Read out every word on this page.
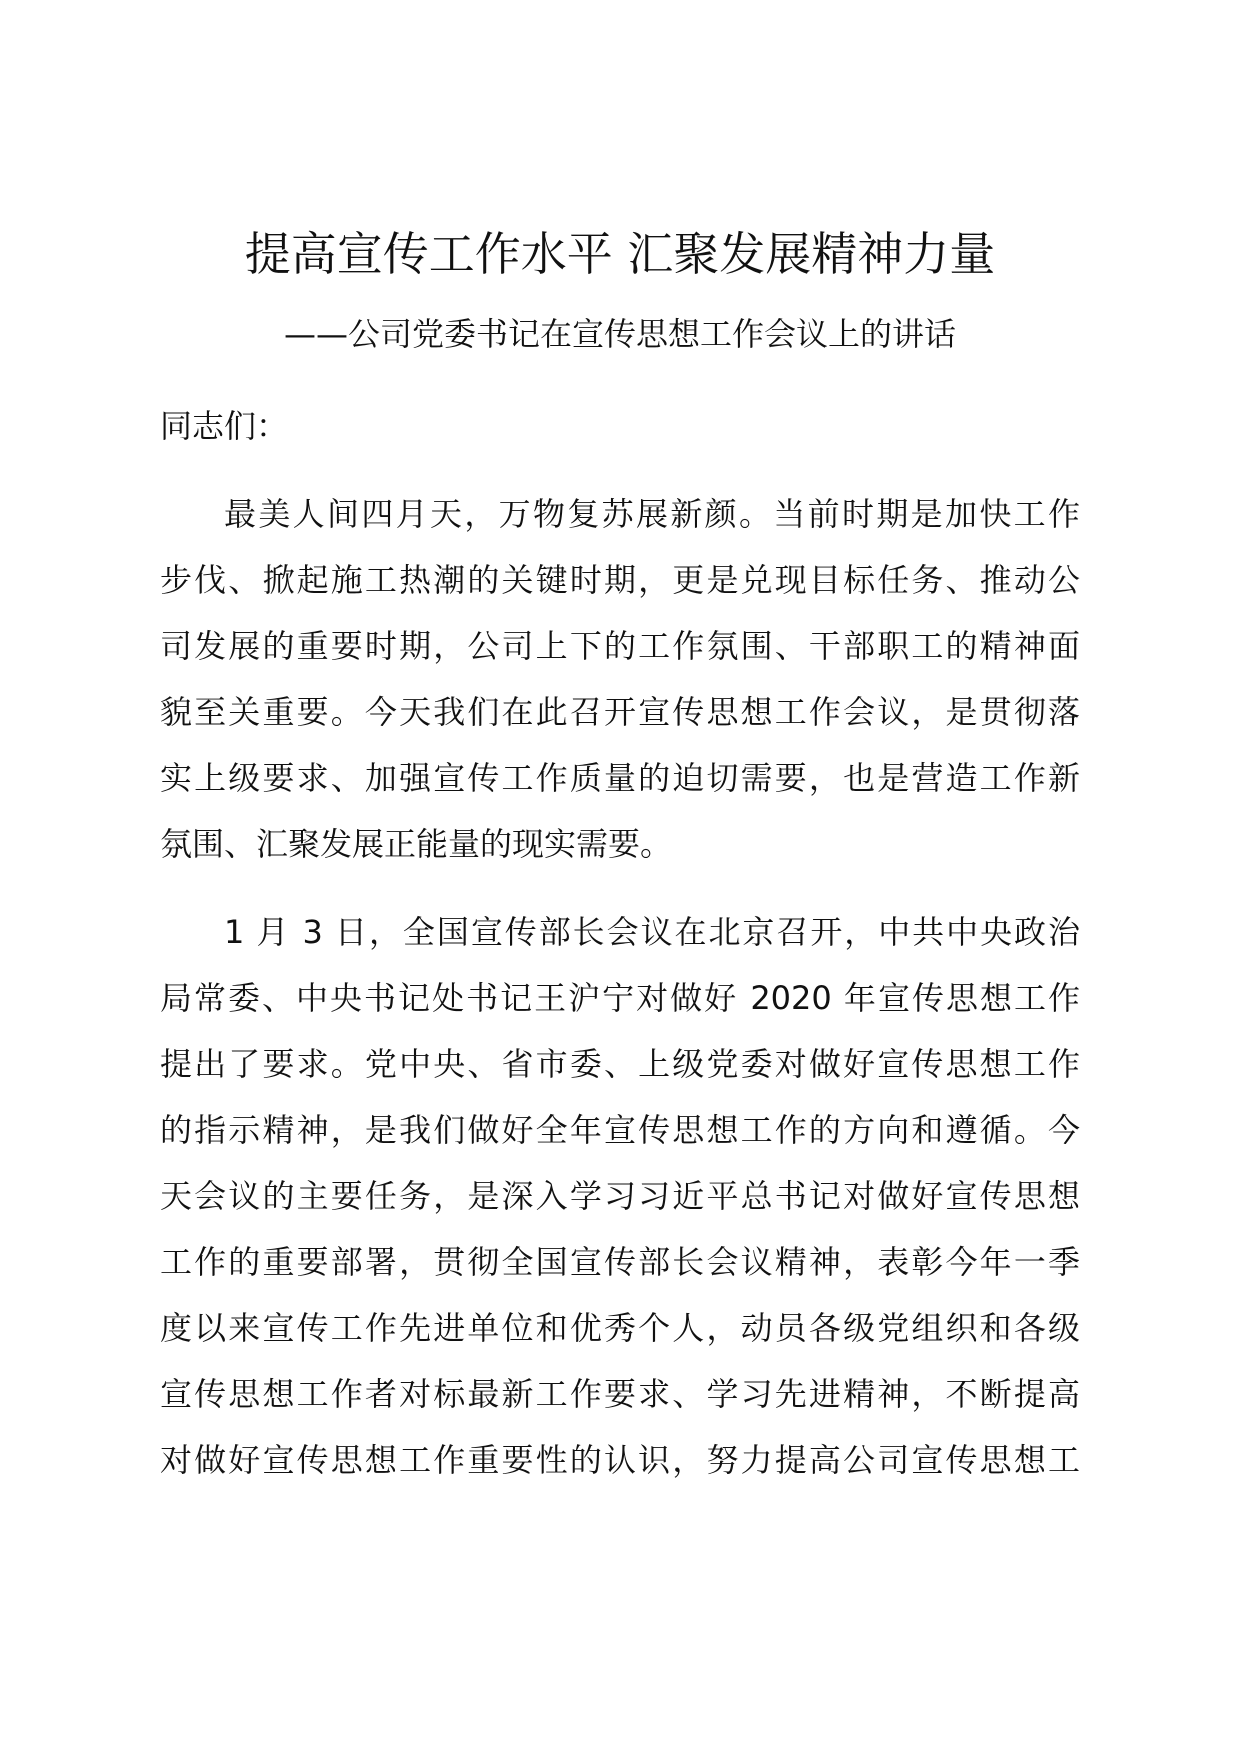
提高宣传工作水平 汇聚发展精神力量
——公司党委书记在宣传思想工作会议上的讲话
同志们：
最美人间四月天，万物复苏展新颜。当前时期是加快工作
步伐、掀起施工热潮的关键时期，更是兑现目标任务、推动公
司发展的重要时期，公司上下的工作氛围、干部职工的精神面
貌至关重要。今天我们在此召开宣传思想工作会议，是贯彻落
实上级要求、加强宣传工作质量的迫切需要，也是营造工作新
氛围、汇聚发展正能量的现实需要。
1 月 3 日，全国宣传部长会议在北京召开，中共中央政治
局常委、中央书记处书记王沪宁对做好 2020 年宣传思想工作
提出了要求。党中央、省市委、上级党委对做好宣传思想工作
的指示精神，是我们做好全年宣传思想工作的方向和遵循。今
天会议的主要任务，是深入学习习近平总书记对做好宣传思想
工作的重要部署，贯彻全国宣传部长会议精神，表彰今年一季
度以来宣传工作先进单位和优秀个人，动员各级党组织和各级
宣传思想工作者对标最新工作要求、学习先进精神，不断提高
对做好宣传思想工作重要性的认识，努力提高公司宣传思想工
